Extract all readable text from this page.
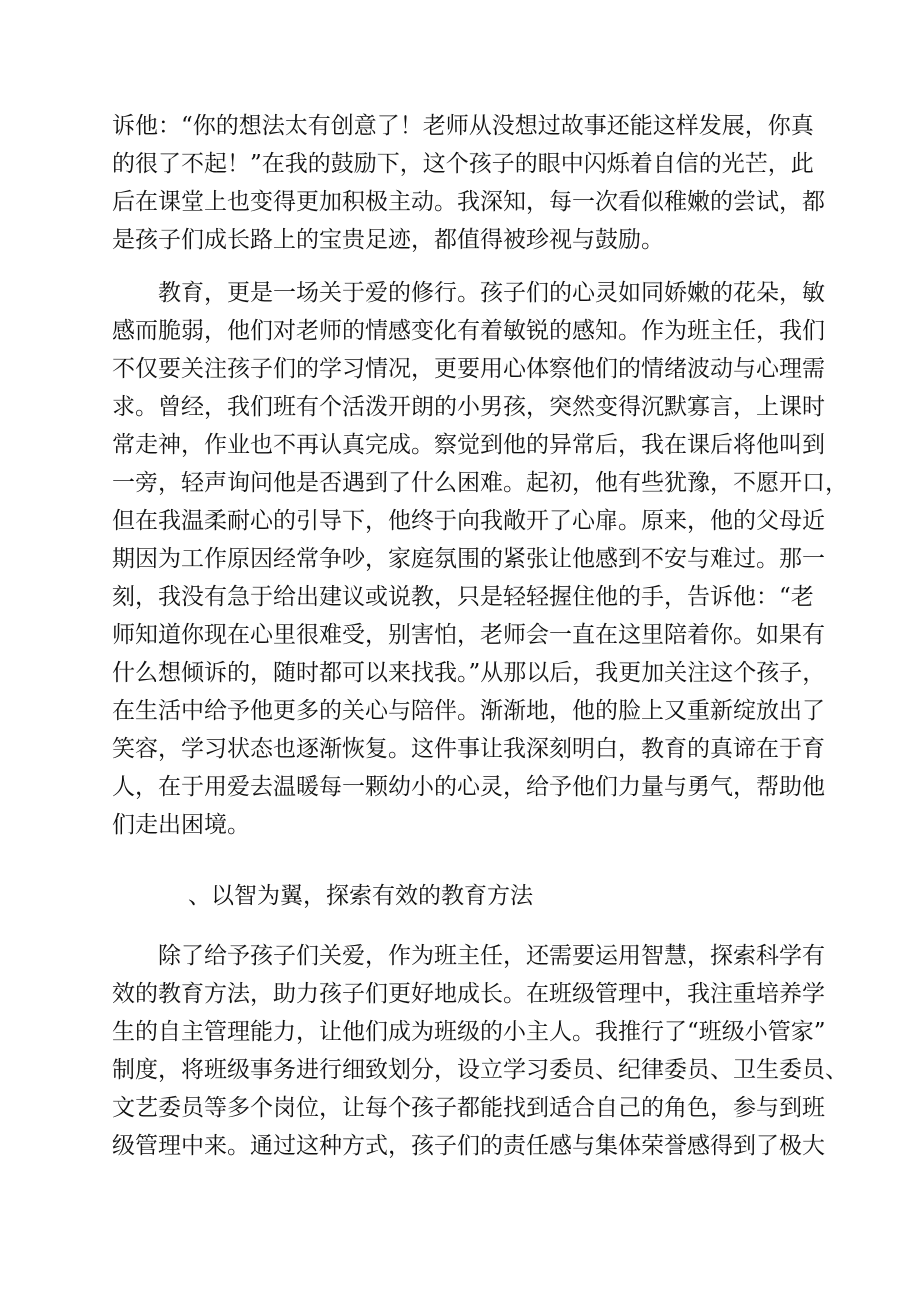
诉他：“你的想法太有创意了！老师从没想过故事还能这样发展，你真
的很了不起！”在我的鼓励下，这个孩子的眼中闪烁着自信的光芒，此
后在课堂上也变得更加积极主动。我深知，每一次看似稚嫩的尝试，都
是孩子们成长路上的宝贵足迹，都值得被珍视与鼓励。
教育，更是一场关于爱的修行。孩子们的心灵如同娇嫩的花朵，敏
感而脆弱，他们对老师的情感变化有着敏锐的感知。作为班主任，我们
不仅要关注孩子们的学习情况，更要用心体察他们的情绪波动与心理需
求。曾经，我们班有个活泼开朗的小男孩，突然变得沉默寡言，上课时
常走神，作业也不再认真完成。察觉到他的异常后，我在课后将他叫到
一旁，轻声询问他是否遇到了什么困难。起初，他有些犹豫，不愿开口，
但在我温柔耐心的引导下，他终于向我敞开了心扉。原来，他的父母近
期因为工作原因经常争吵，家庭氛围的紧张让他感到不安与难过。那一
刻，我没有急于给出建议或说教，只是轻轻握住他的手，告诉他：“老
师知道你现在心里很难受，别害怕，老师会一直在这里陪着你。如果有
什么想倾诉的，随时都可以来找我。”从那以后，我更加关注这个孩子，
在生活中给予他更多的关心与陪伴。渐渐地，他的脸上又重新绽放出了
笑容，学习状态也逐渐恢复。这件事让我深刻明白，教育的真谛在于育
人，在于用爱去温暖每一颗幼小的心灵，给予他们力量与勇气，帮助他
们走出困境。
、以智为翼，探索有效的教育方法
除了给予孩子们关爱，作为班主任，还需要运用智慧，探索科学有
效的教育方法，助力孩子们更好地成长。在班级管理中，我注重培养学
生的自主管理能力，让他们成为班级的小主人。我推行了“班级小管家”
制度，将班级事务进行细致划分，设立学习委员、纪律委员、卫生委员、
文艺委员等多个岗位，让每个孩子都能找到适合自己的角色，参与到班
级管理中来。通过这种方式，孩子们的责任感与集体荣誉感得到了极大
